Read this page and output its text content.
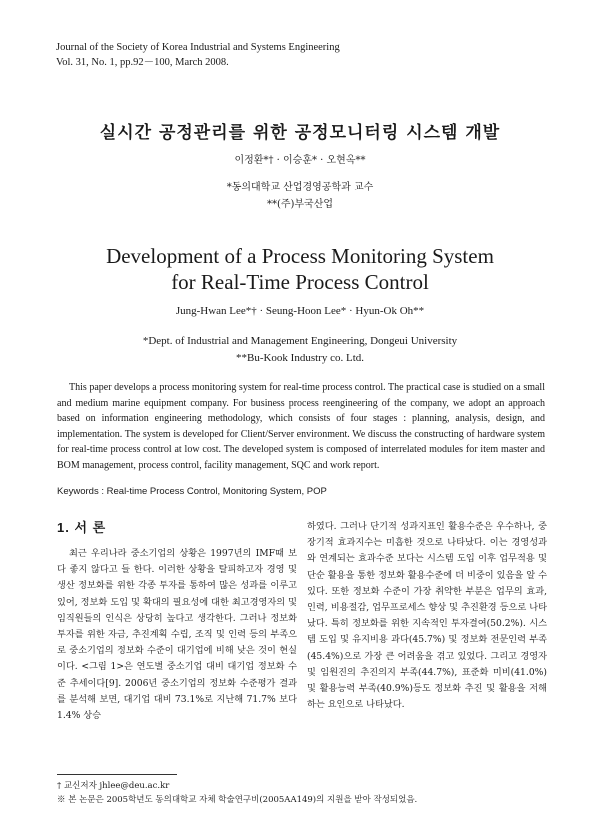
Journal of the Society of Korea Industrial and Systems Engineering
Vol. 31, No. 1, pp.92－100, March 2008.
실시간 공정관리를 위한 공정모니터링 시스템 개발
이정환*† · 이승훈* · 오현옥**
*동의대학교 산업경영공학과 교수
**(주)부국산업
Development of a Process Monitoring System
for Real-Time Process Control
Jung-Hwan Lee*† · Seung-Hoon Lee* · Hyun-Ok Oh**
*Dept. of Industrial and Management Engineering, Dongeui University
**Bu-Kook Industry co. Ltd.
This paper develops a process monitoring system for real-time process control. The practical case is studied on a small and medium marine equipment company. For business process reengineering of the company, we adopt an approach based on information engineering methodology, which consists of four stages : planning, analysis, design, and implementation. The system is developed for Client/Server environment. We discuss the constructing of hardware system for real-time process control at low cost. The developed system is composed of interrelated modules for item master and BOM management, process control, facility management, SQC and work report.
Keywords : Real-time Process Control, Monitoring System, POP
1. 서 론

최근 우리나라 중소기업의 상황은 1997년의 IMF때 보다 좋지 않다고 들 한다. 이러한 상황을 탈피하고자 경영 및 생산 정보화를 위한 각종 투자를 통하여 많은 성과를 이루고 있어, 정보화 도입 및 확대의 필요성에 대한 최고경영자의 및 임직원들의 인식은 상당히 높다고 생각한다. 그러나 정보화 투자를 위한 자금, 추진계획 수립, 조직 및 인력 등의 부족으로 중소기업의 정보화 수준이 대기업에 비해 낮은 것이 현실이다. <그림 1>은 연도별 중소기업 대비 대기업 정보화 수준 추세이다[9]. 2006년 중소기업의 정보화 수준평가 결과를 분석해 보면, 대기업 대비 73.1%로 지난해 71.7% 보다 1.4% 상승

하였다. 그러나 단기적 성과지표인 활용수준은 우수하나, 중장기적 효과지수는 미흡한 것으로 나타났다. 이는 경영성과와 연계되는 효과수준 보다는 시스템 도입 이후 업무적용 및 단순 활용을 통한 정보화 활용수준에 더 비중이 있음을 알 수 있다. 또한 정보화 수준이 가장 취약한 부분은 업무의 효과, 인력, 비용절감, 업무프로세스 향상 및 추진환경 등으로 나타났다. 특히 정보화를 위한 지속적인 투자결여(50.2%). 시스템 도입 및 유지비용 과다(45.7%) 및 정보화 전문인력 부족(45.4%)으로 가장 큰 어려움을 겪고 있었다. 그리고 경영자 및 임원진의 추진의지 부족(44.7%), 표준화 미비(41.0%) 및 활용능력 부족(40.9%)등도 정보화 추진 및 활용을 저해하는 요인으로 나타났다.

† 교신저자 jhlee@deu.ac.kr
※ 본 논문은 2005학년도 동의대학교 자체 학술연구비(2005AA149)의 지원을 받아 작성되었음.
